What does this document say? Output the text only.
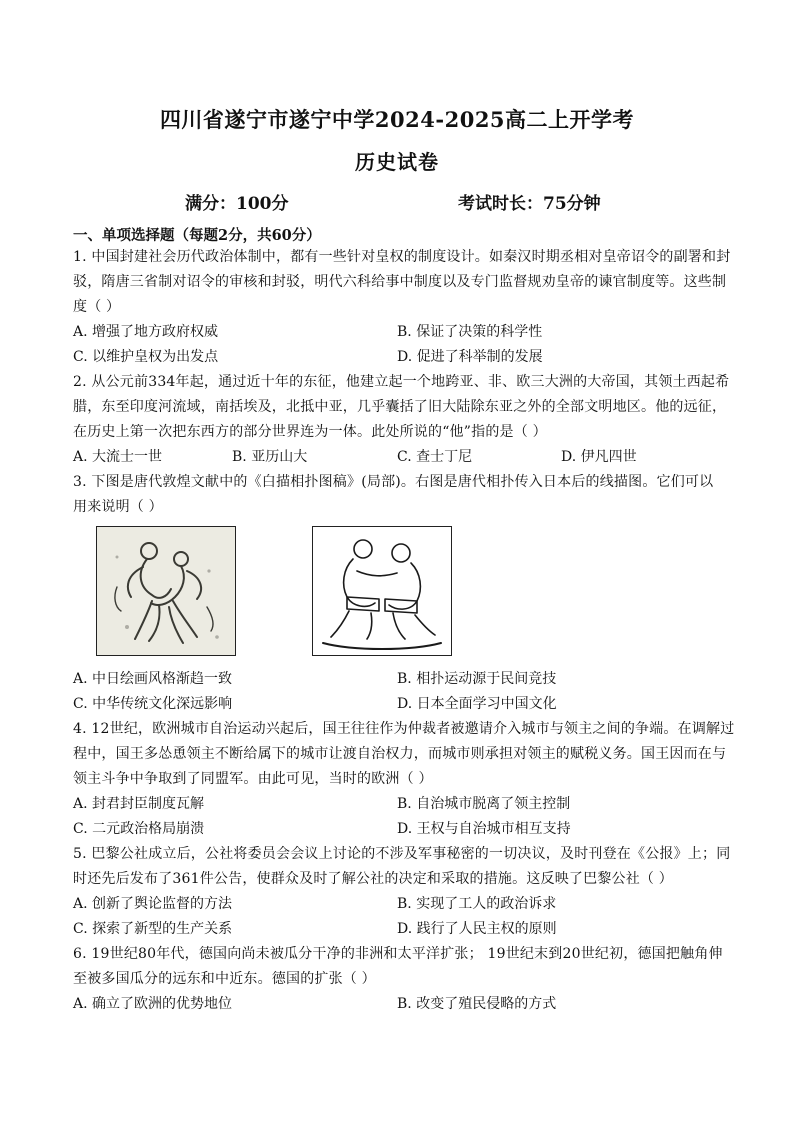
四川省遂宁市遂宁中学2024-2025高二上开学考
历史试卷
满分：100分	考试时长：75分钟
一、单项选择题（每题2分，共60分）
1. 中国封建社会历代政治体制中，都有一些针对皇权的制度设计。如秦汉时期丞相对皇帝诏令的副署和封
驳，隋唐三省制对诏令的审核和封驳，明代六科给事中制度以及专门监督规劝皇帝的谏官制度等。这些制
度（ ）
A. 增强了地方政府权威	B. 保证了决策的科学性
C. 以维护皇权为出发点	D. 促进了科举制的发展
2. 从公元前334年起，通过近十年的东征，他建立起一个地跨亚、非、欧三大洲的大帝国，其领土西起希
腊，东至印度河流域，南括埃及，北抵中亚，几乎囊括了旧大陆除东亚之外的全部文明地区。他的远征，
在历史上第一次把东西方的部分世界连为一体。此处所说的“他”指的是（ ）
A. 大流士一世	B. 亚历山大	C. 查士丁尼	D. 伊凡四世
3. 下图是唐代敦煌文献中的《白描相扑图稿》(局部)。右图是唐代相扑传入日本后的线描图。它们可以
用来说明（ ）
A. 中日绘画风格渐趋一致	B. 相扑运动源于民间竞技
C. 中华传统文化深远影响	D. 日本全面学习中国文化
4. 12世纪，欧洲城市自治运动兴起后，国王往往作为仲裁者被邀请介入城市与领主之间的争端。在调解过
程中，国王多怂恿领主不断给属下的城市让渡自治权力，而城市则承担对领主的赋税义务。国王因而在与
领主斗争中争取到了同盟军。由此可见，当时的欧洲（ ）
A. 封君封臣制度瓦解	B. 自治城市脱离了领主控制
C. 二元政治格局崩溃	D. 王权与自治城市相互支持
5. 巴黎公社成立后，公社将委员会会议上讨论的不涉及军事秘密的一切决议，及时刊登在《公报》上；同
时还先后发布了361件公告，使群众及时了解公社的决定和采取的措施。这反映了巴黎公社（ ）
A. 创新了舆论监督的方法	B. 实现了工人的政治诉求
C. 探索了新型的生产关系	D. 践行了人民主权的原则
6. 19世纪80年代，德国向尚未被瓜分干净的非洲和太平洋扩张； 19世纪末到20世纪初，德国把触角伸
至被多国瓜分的远东和中近东。德国的扩张（ ）
A. 确立了欧洲的优势地位	B. 改变了殖民侵略的方式
